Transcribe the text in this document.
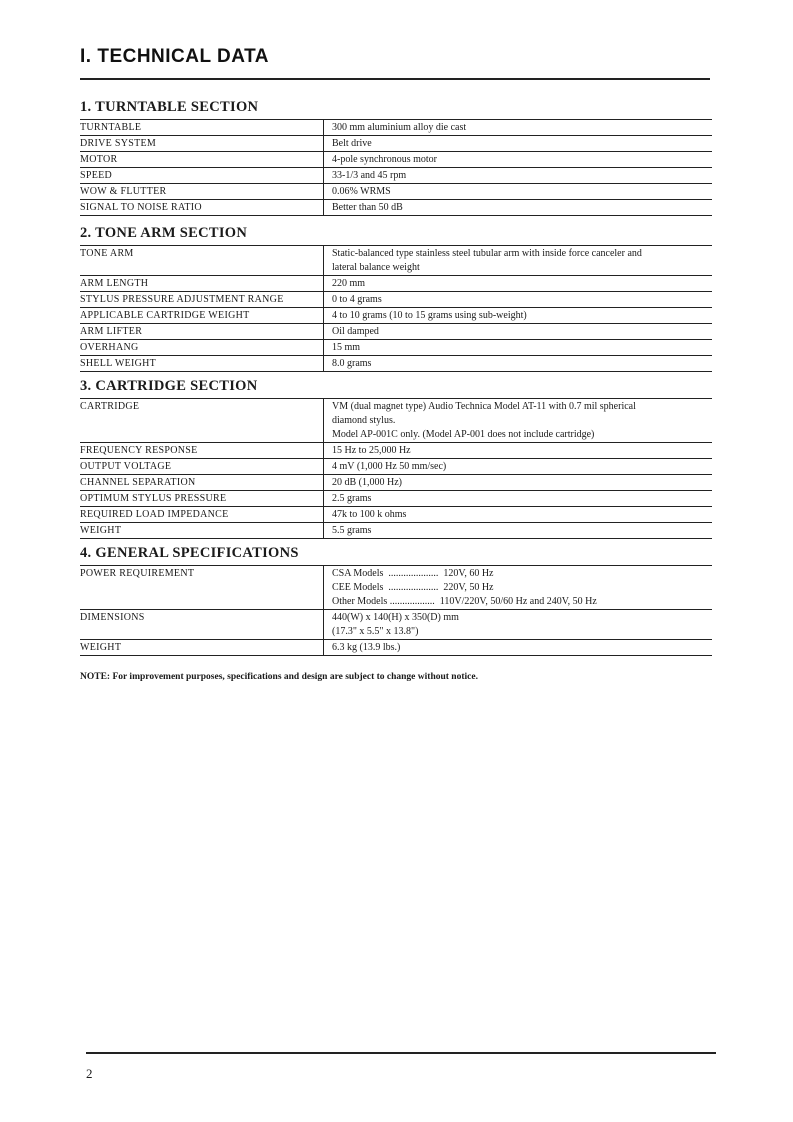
I. TECHNICAL DATA
1. TURNTABLE SECTION
TURNTABLE	300 mm aluminium alloy die cast
DRIVE SYSTEM	Belt drive
MOTOR	4-pole synchronous motor
SPEED	33-1/3 and 45 rpm
WOW & FLUTTER	0.06% WRMS
SIGNAL TO NOISE RATIO	Better than 50 dB
2. TONE ARM SECTION
TONE ARM	Static-balanced type stainless steel tubular arm with inside force canceler and
lateral balance weight
ARM LENGTH	220 mm
STYLUS PRESSURE ADJUSTMENT RANGE	0 to 4 grams
APPLICABLE CARTRIDGE WEIGHT	4 to 10 grams (10 to 15 grams using sub-weight)
ARM LIFTER	Oil damped
OVERHANG	15 mm
SHELL WEIGHT	8.0 grams
3. CARTRIDGE SECTION
CARTRIDGE	VM (dual magnet type) Audio Technica Model AT-11 with 0.7 mil spherical
diamond stylus.
Model AP-001C only. (Model AP-001 does not include cartridge)
FREQUENCY RESPONSE	15 Hz to 25,000 Hz
OUTPUT VOLTAGE	4 mV (1,000 Hz 50 mm/sec)
CHANNEL SEPARATION	20 dB (1,000 Hz)
OPTIMUM STYLUS PRESSURE	2.5 grams
REQUIRED LOAD IMPEDANCE	47k to 100 k ohms
WEIGHT	5.5 grams
4. GENERAL SPECIFICATIONS
POWER REQUIREMENT	CSA Models  ....................  120V, 60 Hz
CEE Models  ....................  220V, 50 Hz
Other Models ..................  110V/220V, 50/60 Hz and 240V, 50 Hz
DIMENSIONS	440(W) x 140(H) x 350(D) mm
(17.3" x 5.5" x 13.8")
WEIGHT	6.3 kg (13.9 lbs.)

NOTE: For improvement purposes, specifications and design are subject to change without notice.

2
